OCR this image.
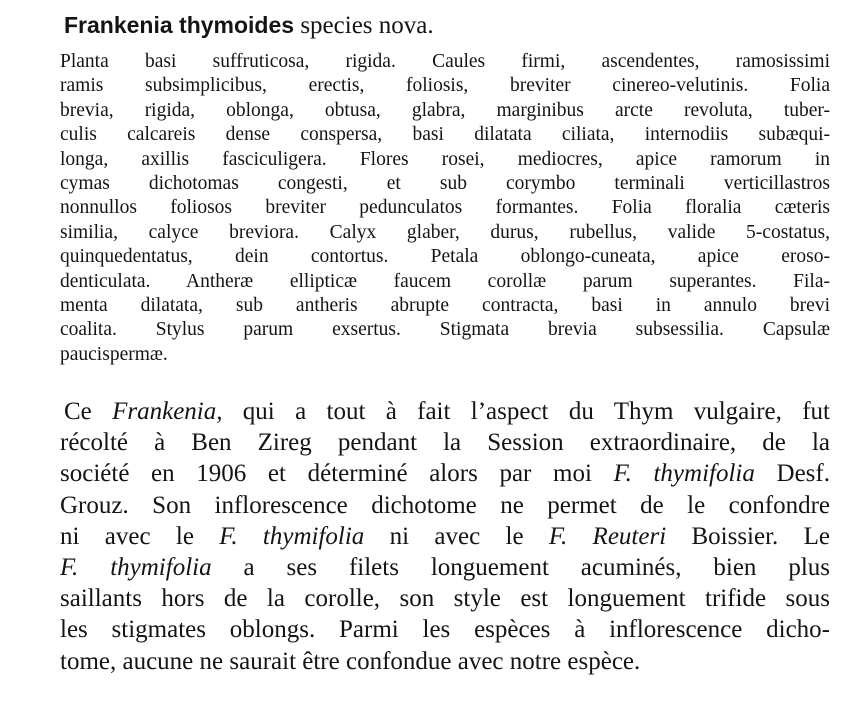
Frankenia thymoides species nova.
Planta basi suffruticosa, rigida. Caules firmi, ascendentes, ramosissimi
ramis subsimplicibus, erectis, foliosis, breviter cinereo-velutinis. Folia
brevia, rigida, oblonga, obtusa, glabra, marginibus arcte revoluta, tuber-
culis calcareis dense conspersa, basi dilatata ciliata, internodiis subæqui-
longa, axillis fasciculigera. Flores rosei, mediocres, apice ramorum in
cymas dichotomas congesti, et sub corymbo terminali verticillastros
nonnullos foliosos breviter pedunculatos formantes. Folia floralia cæteris
similia, calyce breviora. Calyx glaber, durus, rubellus, valide 5-costatus,
quinquedentatus, dein contortus. Petala oblongo-cuneata, apice eroso-
denticulata. Antheræ ellipticæ faucem corollæ parum superantes. Fila-
menta dilatata, sub antheris abrupte contracta, basi in annulo brevi
coalita. Stylus parum exsertus. Stigmata brevia subsessilia. Capsulæ
paucispermæ.
Ce Frankenia, qui a tout à fait l’aspect du Thym vulgaire, fut
récolté à Ben Zireg pendant la Session extraordinaire, de la
société en 1906 et déterminé alors par moi F. thymifolia Desf.
Grouz. Son inflorescence dichotome ne permet de le confondre
ni avec le F. thymifolia ni avec le F. Reuteri Boissier. Le
F. thymifolia a ses filets longuement acuminés, bien plus
saillants hors de la corolle, son style est longuement trifide sous
les stigmates oblongs. Parmi les espèces à inflorescence dicho-
tome, aucune ne saurait être confondue avec notre espèce.
